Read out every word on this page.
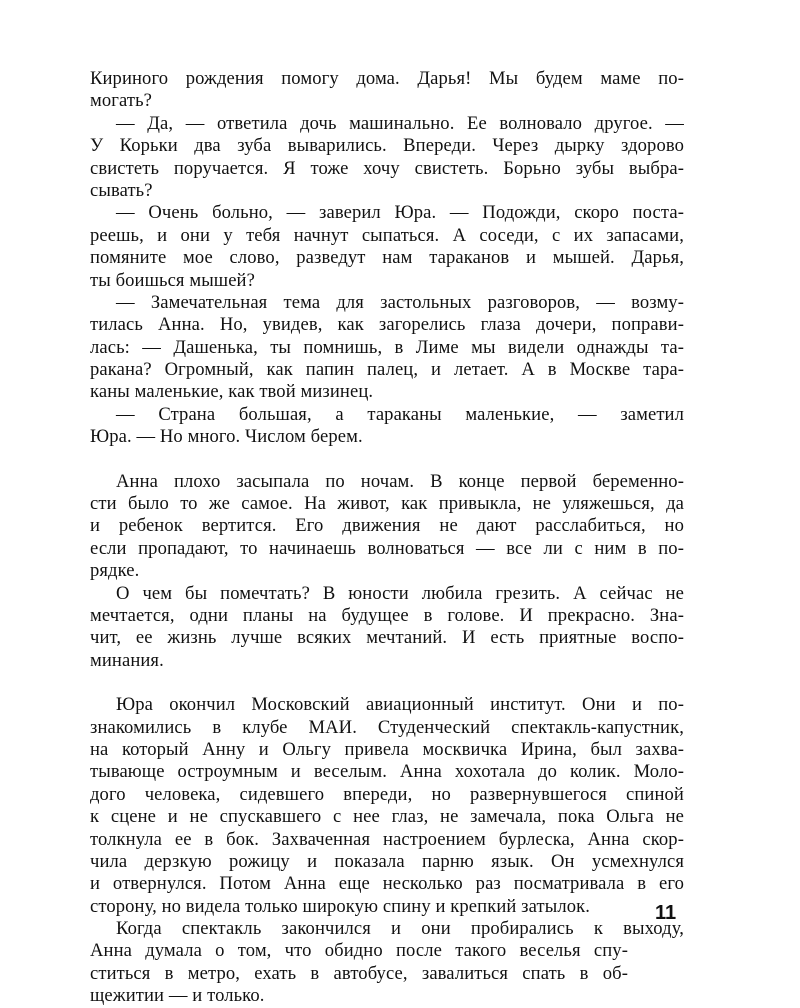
Кириного рождения помогу дома. Дарья! Мы будем маме по-
могать?
— Да, — ответила дочь машинально. Ее волновало другое. —
У Корьки два зуба выварились. Впереди. Через дырку здорово
свистеть поручается. Я тоже хочу свистеть. Борьно зубы выбра-
сывать?
— Очень больно, — заверил Юра. — Подожди, скоро поста-
реешь, и они у тебя начнут сыпаться. А соседи, с их запасами,
помяните мое слово, разведут нам тараканов и мышей. Дарья,
ты боишься мышей?
— Замечательная тема для застольных разговоров, — возму-
тилась Анна. Но, увидев, как загорелись глаза дочери, поправи-
лась: — Дашенька, ты помнишь, в Лиме мы видели однажды та-
ракана? Огромный, как папин палец, и летает. А в Москве тара-
каны маленькие, как твой мизинец.
— Страна большая, а тараканы маленькие, — заметил
Юра. — Но много. Числом берем.
Анна плохо засыпала по ночам. В конце первой беременно-
сти было то же самое. На живот, как привыкла, не уляжешься, да
и ребенок вертится. Его движения не дают расслабиться, но
если пропадают, то начинаешь волноваться — все ли с ним в по-
рядке.
О чем бы помечтать? В юности любила грезить. А сейчас не
мечтается, одни планы на будущее в голове. И прекрасно. Зна-
чит, ее жизнь лучше всяких мечтаний. И есть приятные воспо-
минания.
Юра окончил Московский авиационный институт. Они и по-
знакомились в клубе МАИ. Студенческий спектакль-капустник,
на который Анну и Ольгу привела москвичка Ирина, был захва-
тывающе остроумным и веселым. Анна хохотала до колик. Моло-
дого человека, сидевшего впереди, но развернувшегося спиной
к сцене и не спускавшего с нее глаз, не замечала, пока Ольга не
толкнула ее в бок. Захваченная настроением бурлеска, Анна скор-
чила дерзкую рожицу и показала парню язык. Он усмехнулся
и отвернулся. Потом Анна еще несколько раз посматривала в его
сторону, но видела только широкую спину и крепкий затылок.
Когда спектакль закончился и они пробирались к выходу,
Анна думала о том, что обидно после такого веселья спу-
ститься в метро, ехать в автобусе, завалиться спать в об-
щежитии — и только.
11
